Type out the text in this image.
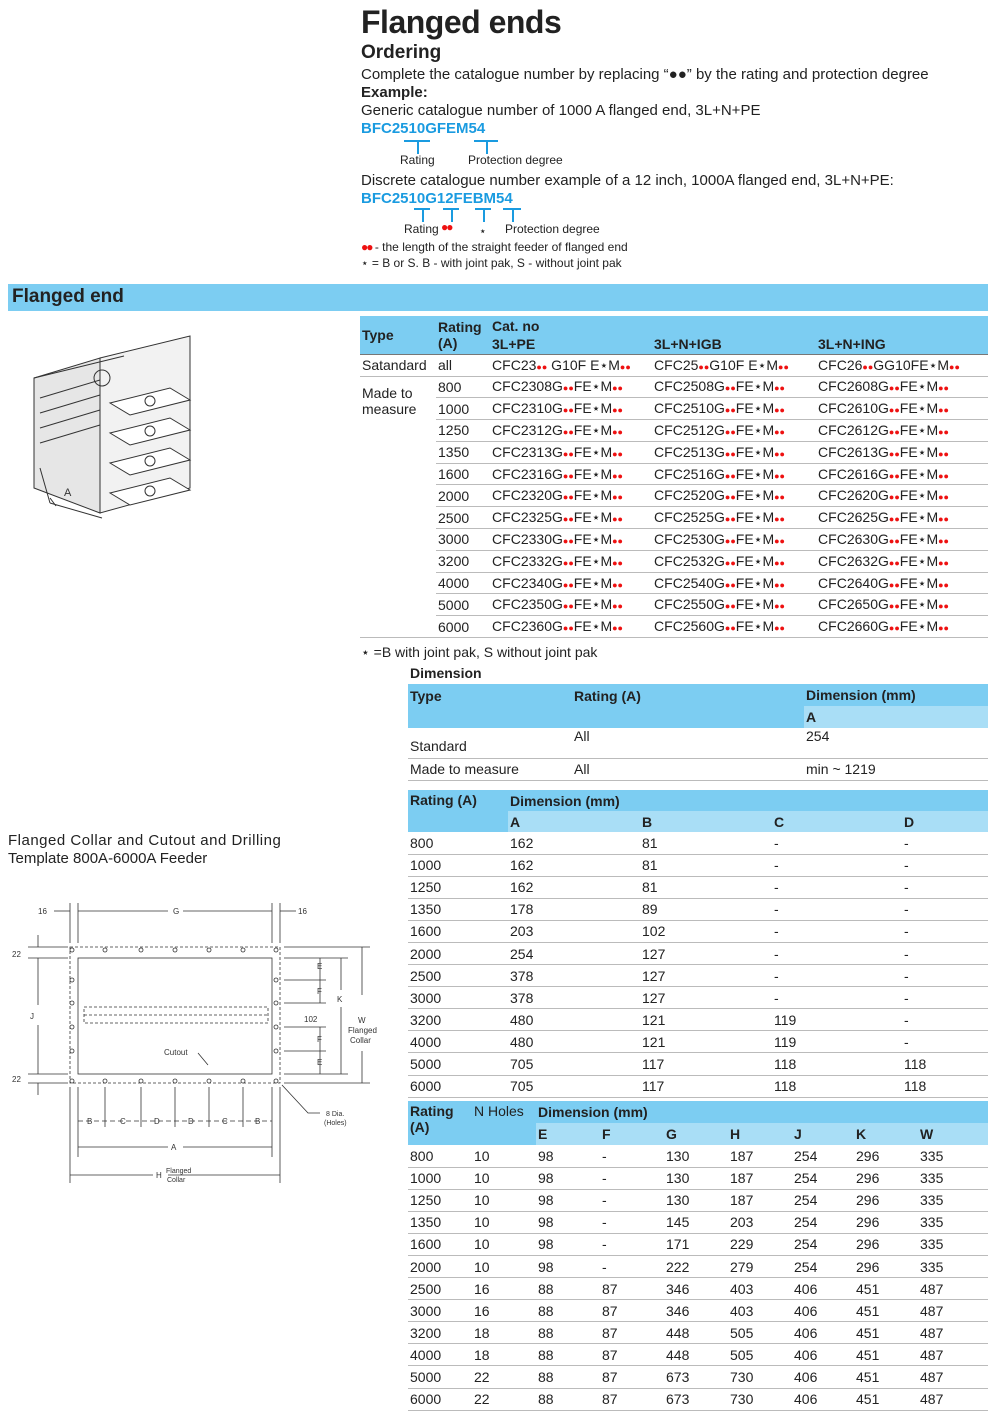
Flanged ends
Ordering
Complete the catalogue number by replacing “●●” by the rating and protection degree
Example:
Generic catalogue number of 1000 A flanged end, 3L+N+PE
BFC2510GFEM54
Rating	Protection degree
Discrete catalogue number example of a 12 inch, 1000A flanged end, 3L+N+PE:
BFC2510G12FEBM54
Rating ●● ⋆ Protection degree
●● - the length of the straight feeder of flanged end
⋆ = B or S. B - with joint pak, S - without joint pak
Flanged end
A
Type	Rating
(A)	Cat. no		
		3L+PE	3L+N+IGB	3L+N+ING
Satandard	all	CFC23●● G10F E⋆M●●	CFC25●●G10F E⋆M●●	CFC26●●GG10FE⋆M●●
Made to measure	800	CFC2308G●●FE⋆M●●	CFC2508G●●FE⋆M●●	CFC2608G●●FE⋆M●●
	1000	CFC2310G●●FE⋆M●●	CFC2510G●●FE⋆M●●	CFC2610G●●FE⋆M●●
	1250	CFC2312G●●FE⋆M●●	CFC2512G●●FE⋆M●●	CFC2612G●●FE⋆M●●
	1350	CFC2313G●●FE⋆M●●	CFC2513G●●FE⋆M●●	CFC2613G●●FE⋆M●●
	1600	CFC2316G●●FE⋆M●●	CFC2516G●●FE⋆M●●	CFC2616G●●FE⋆M●●
	2000	CFC2320G●●FE⋆M●●	CFC2520G●●FE⋆M●●	CFC2620G●●FE⋆M●●
	2500	CFC2325G●●FE⋆M●●	CFC2525G●●FE⋆M●●	CFC2625G●●FE⋆M●●
	3000	CFC2330G●●FE⋆M●●	CFC2530G●●FE⋆M●●	CFC2630G●●FE⋆M●●
	3200	CFC2332G●●FE⋆M●●	CFC2532G●●FE⋆M●●	CFC2632G●●FE⋆M●●
	4000	CFC2340G●●FE⋆M●●	CFC2540G●●FE⋆M●●	CFC2640G●●FE⋆M●●
	5000	CFC2350G●●FE⋆M●●	CFC2550G●●FE⋆M●●	CFC2650G●●FE⋆M●●
	6000	CFC2360G●●FE⋆M●●	CFC2560G●●FE⋆M●●	CFC2660G●●FE⋆M●●
⋆ =B with joint pak, S without joint pak
Dimension
Type	Rating (A)	Dimension (mm)
		A
Standard	All	254
Made to measure	All	min ~ 1219
Rating (A)	Dimension (mm)			
	A	B	C	D
800	162	81	-	-
1000	162	81	-	-
1250	162	81	-	-
1350	178	89	-	-
1600	203	102	-	-
2000	254	127	-	-
2500	378	127	-	-
3000	378	127	-	-
3200	480	121	119	-
4000	480	121	119	-
5000	705	117	118	118
6000	705	117	118	118
Rating
(A)	N Holes	Dimension (mm)						
		E	F	G	H	J	K	W
800	10	98	-	130	187	254	296	335
1000	10	98	-	130	187	254	296	335
1250	10	98	-	130	187	254	296	335
1350	10	98	-	145	203	254	296	335
1600	10	98	-	171	229	254	296	335
2000	10	98	-	222	279	254	296	335
2500	16	88	87	346	403	406	451	487
3000	16	88	87	346	403	406	451	487
3200	18	88	87	448	505	406	451	487
4000	18	88	87	448	505	406	451	487
5000	22	88	87	673	730	406	451	487
6000	22	88	87	673	730	406	451	487
Flanged Collar and Cutout and Drilling
Template 800A-6000A Feeder
G
16	16
22
22
J
E
F
F
E
K
102	W
Flanged
Collar
Cutout
B	C	D	D	C	B
A
H Flanged
Collar
8 Dia.
(Holes)
